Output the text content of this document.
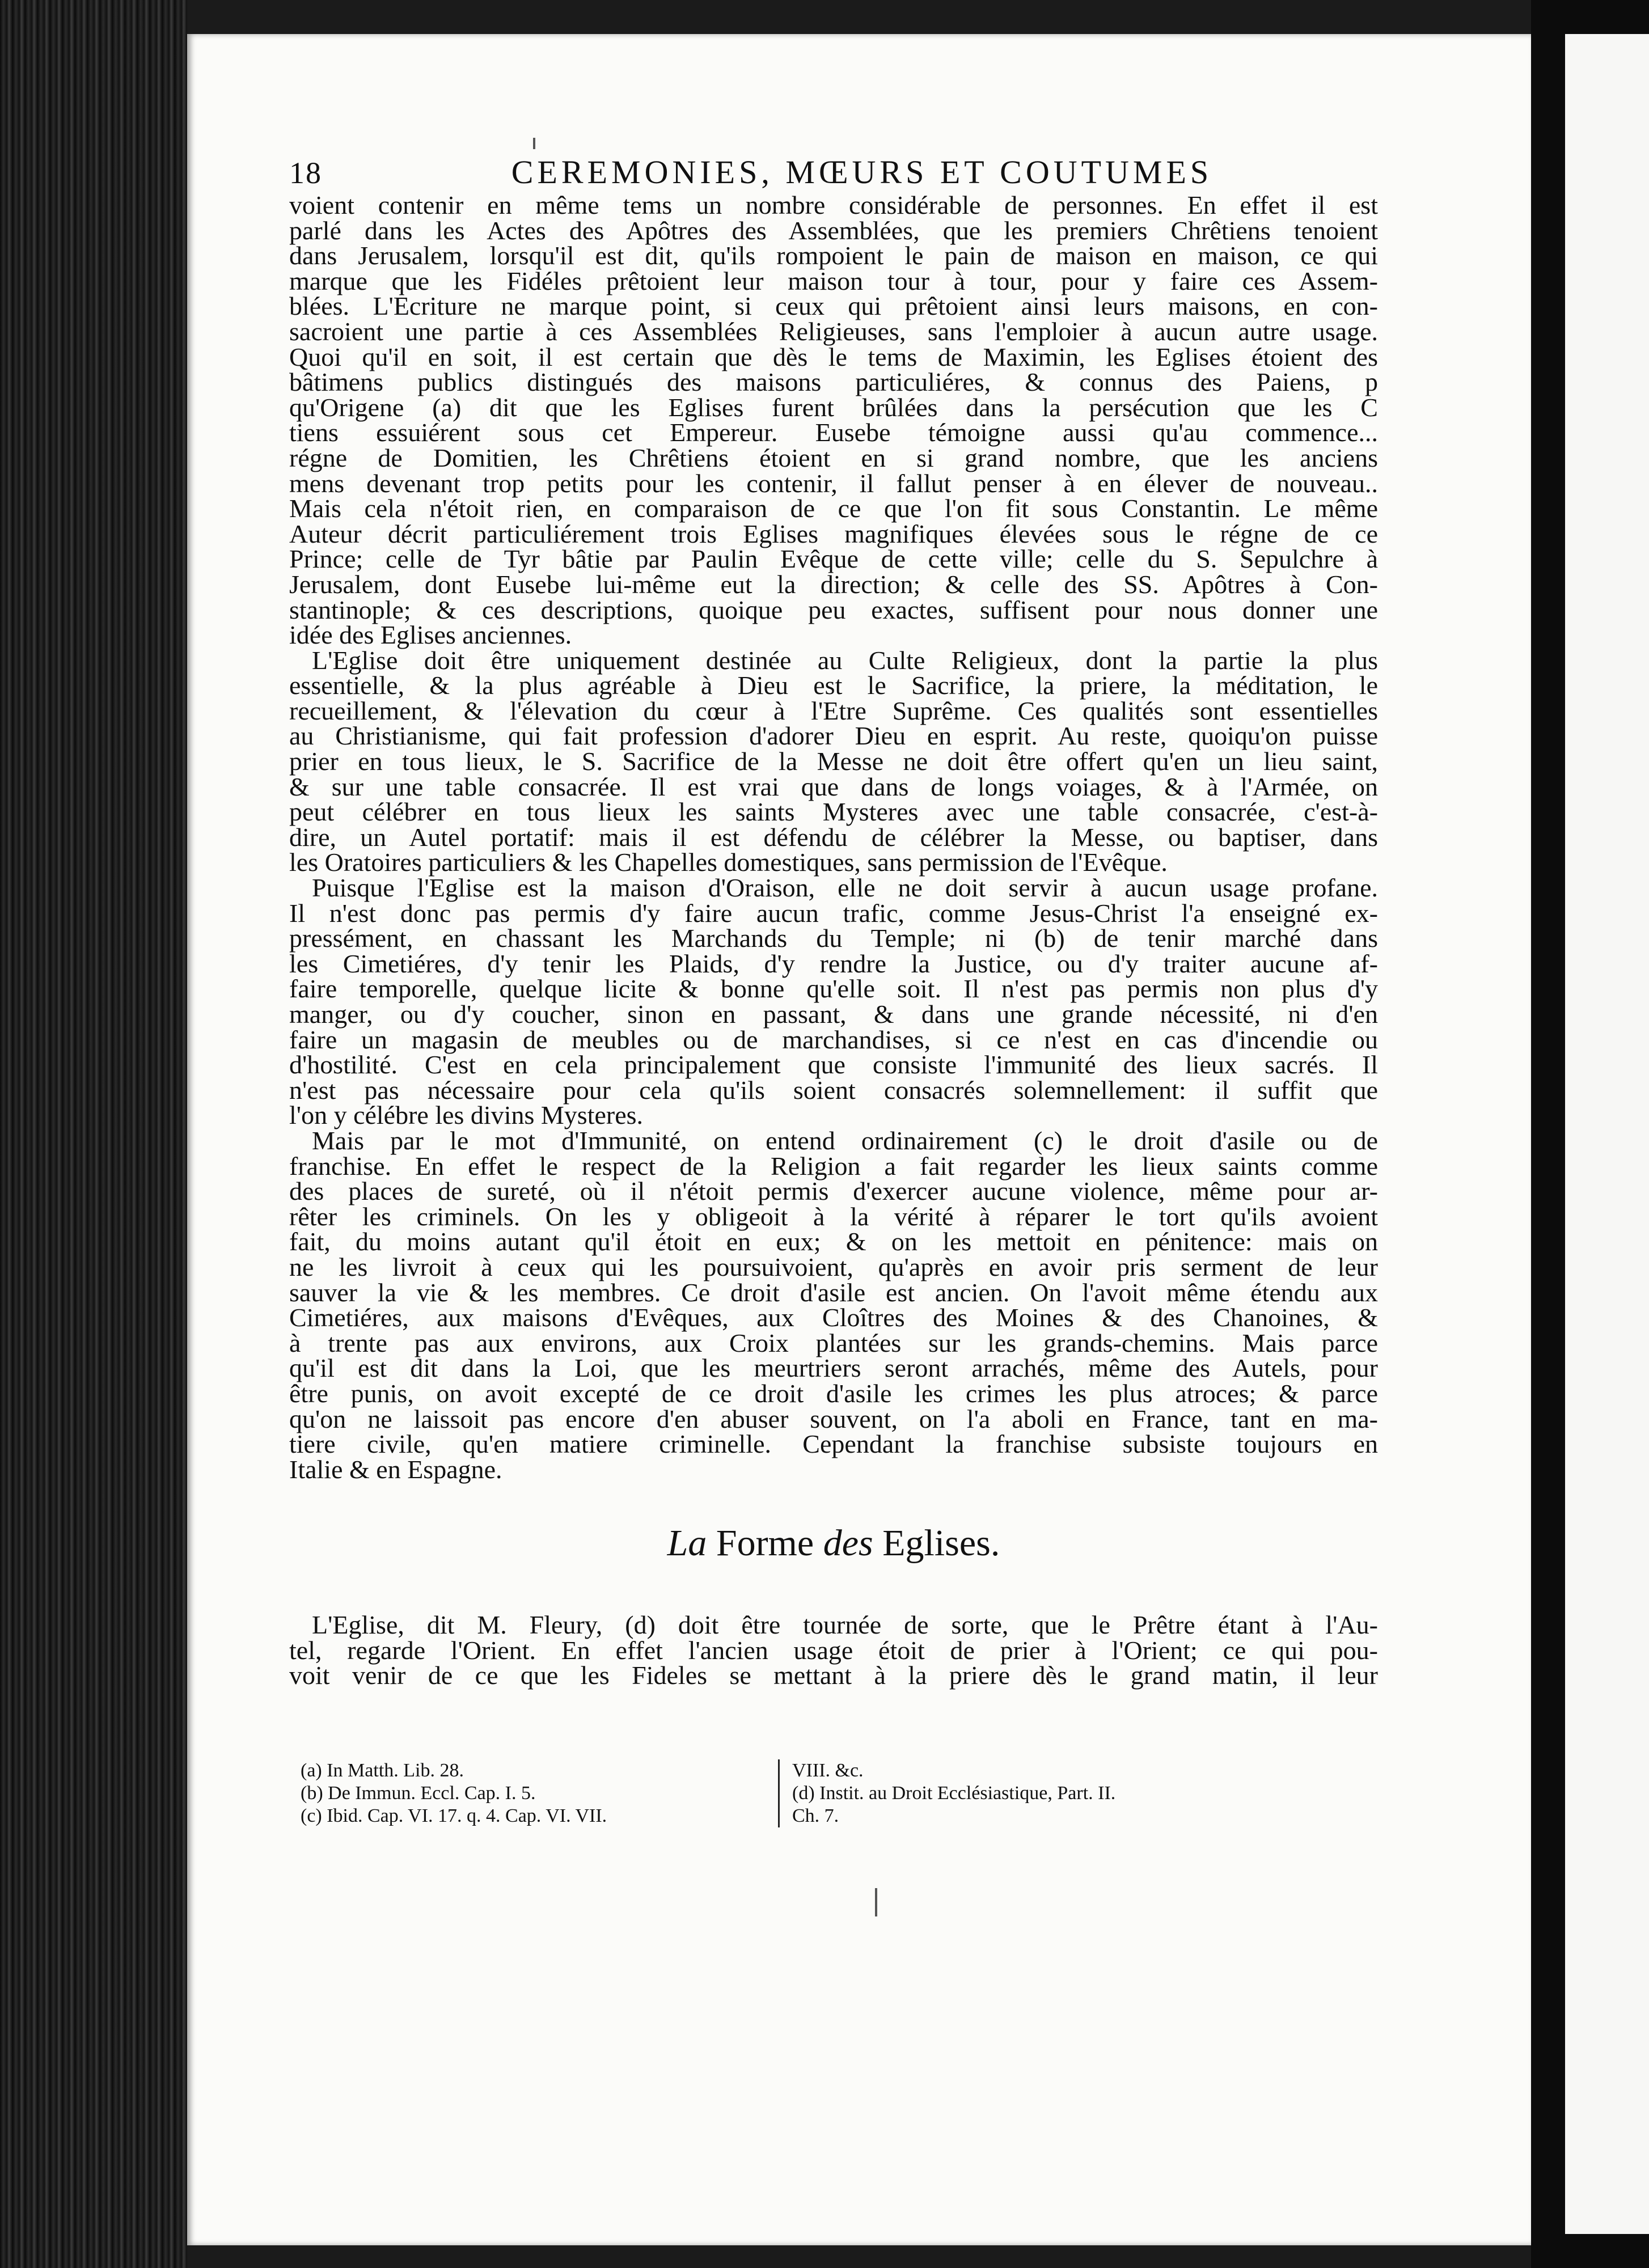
18	CEREMONIES, MŒURS ET COUTUMES

voient contenir en même tems un nombre considérable de personnes. En effet il est
parlé dans les Actes des Apôtres des Assemblées, que les premiers Chrêtiens tenoient
dans Jerusalem, lorsqu'il est dit, qu'ils rompoient le pain de maison en maison, ce qui
marque que les Fidéles prêtoient leur maison tour à tour, pour y faire ces Assem-
blées. L'Ecriture ne marque point, si ceux qui prêtoient ainsi leurs maisons, en con-
sacroient une partie à ces Assemblées Religieuses, sans l'emploier à aucun autre usage.
Quoi qu'il en soit, il est certain que dès le tems de Maximin, les Eglises étoient des
bâtimens publics distingués des maisons particuliéres, & connus des Paiens, p
qu'Origene (a) dit que les Eglises furent brûlées dans la persécution que les C
tiens essuiérent sous cet Empereur. Eusebe témoigne aussi qu'au commence...
régne de Domitien, les Chrêtiens étoient en si grand nombre, que les anciens
mens devenant trop petits pour les contenir, il fallut penser à en élever de nouveau..
Mais cela n'étoit rien, en comparaison de ce que l'on fit sous Constantin. Le même
Auteur décrit particuliérement trois Eglises magnifiques élevées sous le régne de ce
Prince; celle de Tyr bâtie par Paulin Evêque de cette ville; celle du S. Sepulchre à
Jerusalem, dont Eusebe lui-même eut la direction; & celle des SS. Apôtres à Con-
stantinople; & ces descriptions, quoique peu exactes, suffisent pour nous donner une
idée des Eglises anciennes.

L'Eglise doit être uniquement destinée au Culte Religieux, dont la partie la plus
essentielle, & la plus agréable à Dieu est le Sacrifice, la priere, la méditation, le
recueillement, & l'élevation du cœur à l'Etre Suprême. Ces qualités sont essentielles
au Christianisme, qui fait profession d'adorer Dieu en esprit. Au reste, quoiqu'on puisse
prier en tous lieux, le S. Sacrifice de la Messe ne doit être offert qu'en un lieu saint,
& sur une table consacrée. Il est vrai que dans de longs voiages, & à l'Armée, on
peut célébrer en tous lieux les saints Mysteres avec une table consacrée, c'est-à-
dire, un Autel portatif: mais il est défendu de célébrer la Messe, ou baptiser, dans
les Oratoires particuliers & les Chapelles domestiques, sans permission de l'Evêque.

Puisque l'Eglise est la maison d'Oraison, elle ne doit servir à aucun usage profane.
Il n'est donc pas permis d'y faire aucun trafic, comme Jesus-Christ l'a enseigné ex-
pressément, en chassant les Marchands du Temple; ni (b) de tenir marché dans
les Cimetiéres, d'y tenir les Plaids, d'y rendre la Justice, ou d'y traiter aucune af-
faire temporelle, quelque licite & bonne qu'elle soit. Il n'est pas permis non plus d'y
manger, ou d'y coucher, sinon en passant, & dans une grande nécessité, ni d'en
faire un magasin de meubles ou de marchandises, si ce n'est en cas d'incendie ou
d'hostilité. C'est en cela principalement que consiste l'immunité des lieux sacrés. Il
n'est pas nécessaire pour cela qu'ils soient consacrés solemnellement: il suffit que
l'on y célébre les divins Mysteres.

Mais par le mot d'Immunité, on entend ordinairement (c) le droit d'asile ou de
franchise. En effet le respect de la Religion a fait regarder les lieux saints comme
des places de sureté, où il n'étoit permis d'exercer aucune violence, même pour ar-
rêter les criminels. On les y obligeoit à la vérité à réparer le tort qu'ils avoient
fait, du moins autant qu'il étoit en eux; & on les mettoit en pénitence: mais on
ne les livroit à ceux qui les poursuivoient, qu'après en avoir pris serment de leur
sauver la vie & les membres. Ce droit d'asile est ancien. On l'avoit même étendu aux
Cimetiéres, aux maisons d'Evêques, aux Cloîtres des Moines & des Chanoines, &
à trente pas aux environs, aux Croix plantées sur les grands-chemins. Mais parce
qu'il est dit dans la Loi, que les meurtriers seront arrachés, même des Autels, pour
être punis, on avoit excepté de ce droit d'asile les crimes les plus atroces; & parce
qu'on ne laissoit pas encore d'en abuser souvent, on l'a aboli en France, tant en ma-
tiere civile, qu'en matiere criminelle. Cependant la franchise subsiste toujours en
Italie & en Espagne.

La Forme des Eglises.

L'Eglise, dit M. Fleury, (d) doit être tournée de sorte, que le Prêtre étant à l'Au-
tel, regarde l'Orient. En effet l'ancien usage étoit de prier à l'Orient; ce qui pou-
voit venir de ce que les Fideles se mettant à la priere dès le grand matin, il leur

(a) In Matth. Lib. 28.
(b) De Immun. Eccl. Cap. I. 5.
(c) Ibid. Cap. VI. 17. q. 4. Cap. VI. VII.
VIII. &c.
(d) Instit. au Droit Ecclésiastique, Part. II.
Ch. 7.
